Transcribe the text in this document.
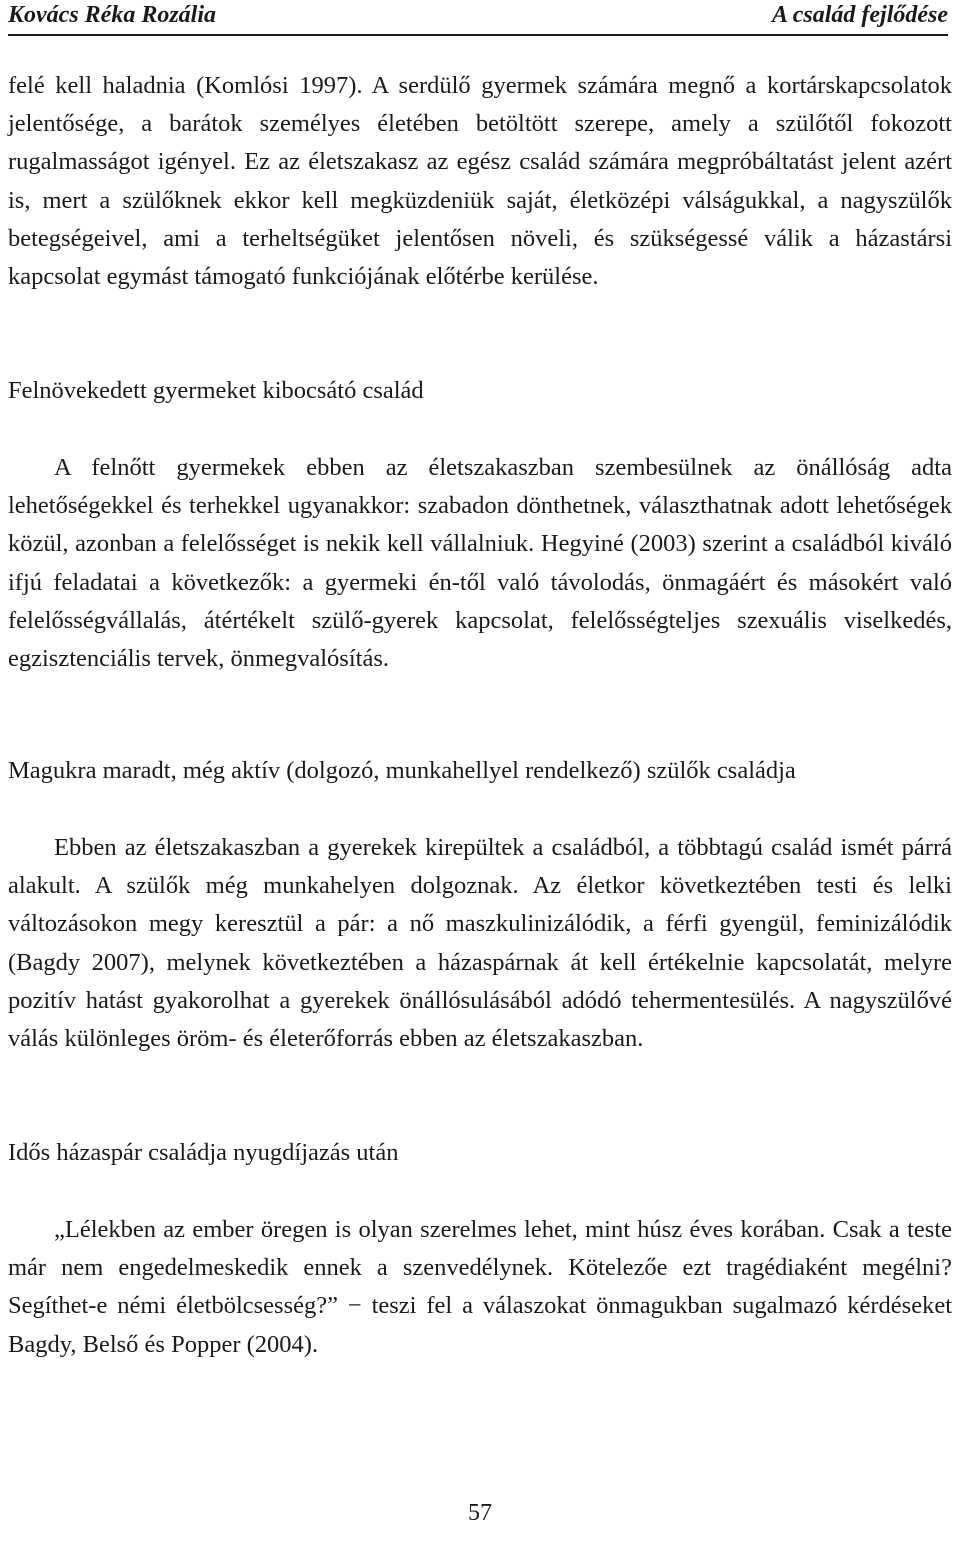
Kovács Réka Rozália	A család fejlődése

felé kell haladnia (Komlósi 1997). A serdülő gyermek számára megnő a kortárskapcsolatok jelentősége, a barátok személyes életében betöltött szerepe, amely a szülőtől fokozott rugalmasságot igényel. Ez az életszakasz az egész család számára megpróbáltatást jelent azért is, mert a szülőknek ekkor kell megküzdeniük saját, életközépi válságukkal, a nagyszülők betegségeivel, ami a terheltségüket jelentősen növeli, és szükségessé válik a házastársi kapcsolat egymást támogató funkciójának előtérbe kerülése.

Felnövekedett gyermeket kibocsátó család

A felnőtt gyermekek ebben az életszakaszban szembesülnek az önállóság adta lehetőségekkel és terhekkel ugyanakkor: szabadon dönthetnek, választhatnak adott lehetőségek közül, azonban a felelősséget is nekik kell vállalniuk. Hegyiné (2003) szerint a családból kiváló ifjú feladatai a következők: a gyermeki én-től való távolodás, önmagáért és másokért való felelősségvállalás, átértékelt szülő-gyerek kapcsolat, felelősségteljes szexuális viselkedés, egzisztenciális tervek, önmegvalósítás.

Magukra maradt, még aktív (dolgozó, munkahellyel rendelkező) szülők családja

Ebben az életszakaszban a gyerekek kirepültek a családból, a többtagú család ismét párrá alakult. A szülők még munkahelyen dolgoznak. Az életkor következtében testi és lelki változásokon megy keresztül a pár: a nő maszkulinizálódik, a férfi gyengül, feminizálódik (Bagdy 2007), melynek következtében a házaspárnak át kell értékelnie kapcsolatát, melyre pozitív hatást gyakorolhat a gyerekek önállósulásából adódó tehermentesülés. A nagyszülővé válás különleges öröm- és életerőforrás ebben az életszakaszban.

Idős házaspár családja nyugdíjazás után

„Lélekben az ember öregen is olyan szerelmes lehet, mint húsz éves korában. Csak a teste már nem engedelmeskedik ennek a szenvedélynek. Kötelezőe ezt tragédiaként megélni? Segíthet-e némi életbölcsesség?” − teszi fel a válaszokat önmagukban sugalmazó kérdéseket Bagdy, Belső és Popper (2004).

57
